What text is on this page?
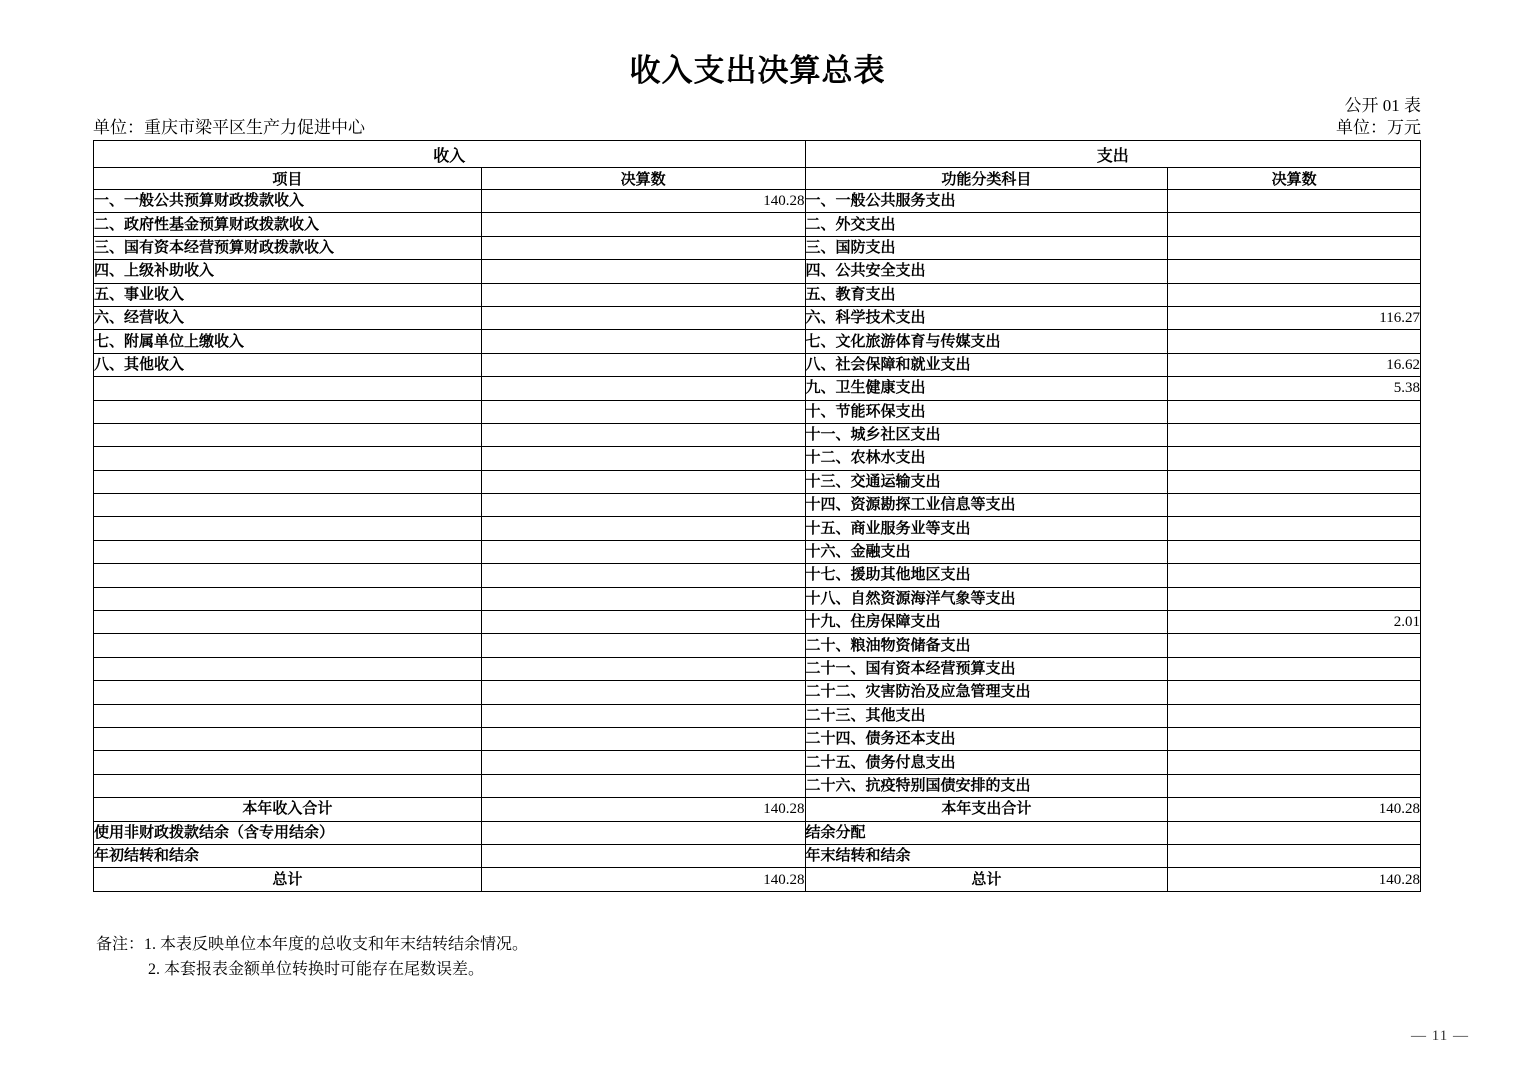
收入支出决算总表
公开 01 表
单位：重庆市梁平区生产力促进中心	单位：万元
收入		支出	
项目	决算数	功能分类科目	决算数
一、一般公共预算财政拨款收入	140.28	一、一般公共服务支出	
二、政府性基金预算财政拨款收入		二、外交支出	
三、国有资本经营预算财政拨款收入		三、国防支出	
四、上级补助收入		四、公共安全支出	
五、事业收入		五、教育支出	
六、经营收入		六、科学技术支出	116.27
七、附属单位上缴收入		七、文化旅游体育与传媒支出	
八、其他收入		八、社会保障和就业支出	16.62
		九、卫生健康支出	5.38
		十、节能环保支出	
		十一、城乡社区支出	
		十二、农林水支出	
		十三、交通运输支出	
		十四、资源勘探工业信息等支出	
		十五、商业服务业等支出	
		十六、金融支出	
		十七、援助其他地区支出	
		十八、自然资源海洋气象等支出	
		十九、住房保障支出	2.01
		二十、粮油物资储备支出	
		二十一、国有资本经营预算支出	
		二十二、灾害防治及应急管理支出	
		二十三、其他支出	
		二十四、债务还本支出	
		二十五、债务付息支出	
		二十六、抗疫特别国债安排的支出	
本年收入合计	140.28	本年支出合计	140.28
使用非财政拨款结余（含专用结余）		结余分配	
年初结转和结余		年末结转和结余	
总计	140.28	总计	140.28
备注：1. 本表反映单位本年度的总收支和年末结转结余情况。
2. 本套报表金额单位转换时可能存在尾数误差。
— 11 —
